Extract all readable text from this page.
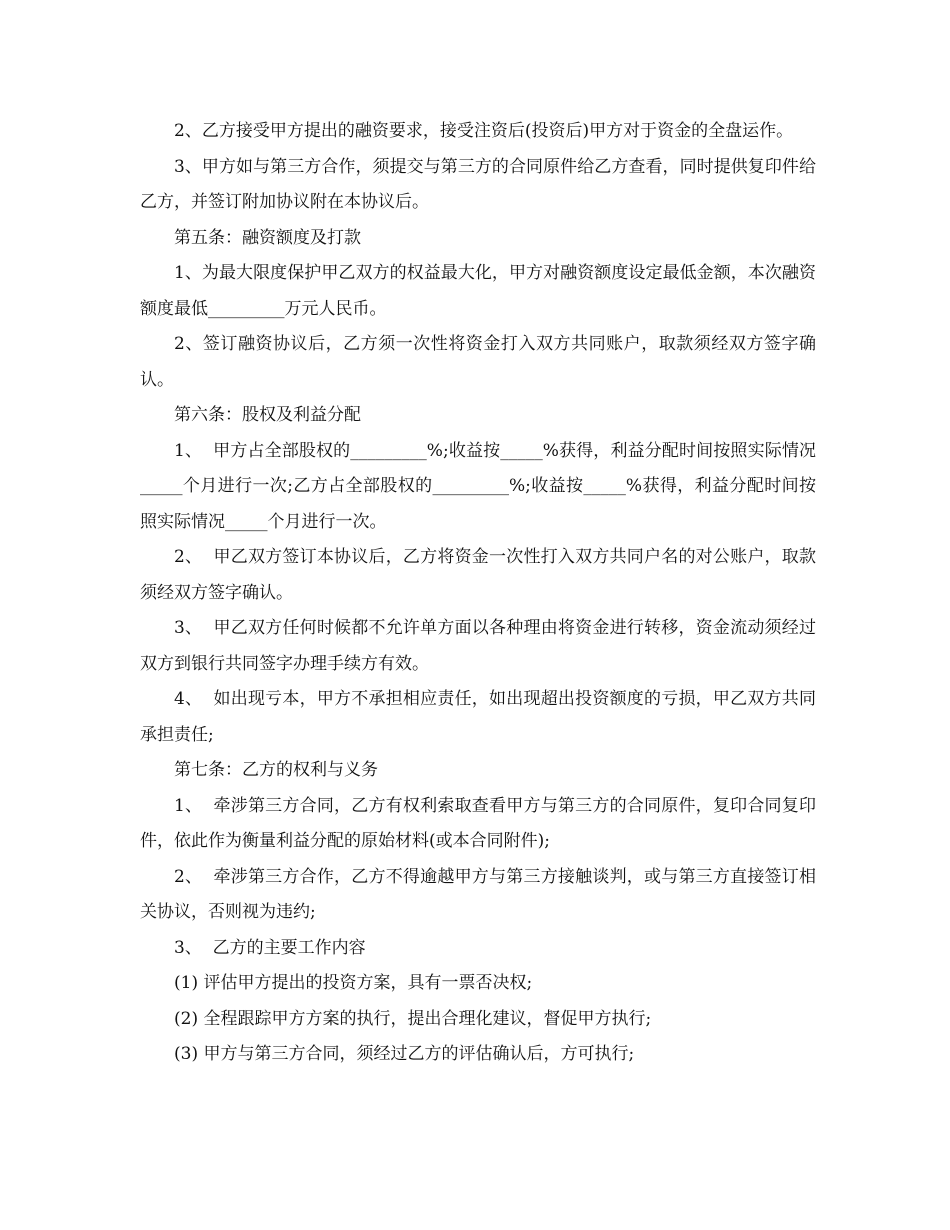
2、乙方接受甲方提出的融资要求，接受注资后(投资后)甲方对于资金的全盘运作。

3、甲方如与第三方合作，须提交与第三方的合同原件给乙方查看，同时提供复印件给乙方，并签订附加协议附在本协议后。

第五条：融资额度及打款

1、为最大限度保护甲乙双方的权益最大化，甲方对融资额度设定最低金额，本次融资额度最低_________万元人民币。

2、签订融资协议后，乙方须一次性将资金打入双方共同账户，取款须经双方签字确认。

第六条：股权及利益分配

1、  甲方占全部股权的_________%;收益按_____%获得，利益分配时间按照实际情况_____个月进行一次;乙方占全部股权的_________%;收益按_____%获得，利益分配时间按照实际情况_____个月进行一次。

2、  甲乙双方签订本协议后，乙方将资金一次性打入双方共同户名的对公账户，取款须经双方签字确认。

3、  甲乙双方任何时候都不允许单方面以各种理由将资金进行转移，资金流动须经过双方到银行共同签字办理手续方有效。

4、  如出现亏本，甲方不承担相应责任，如出现超出投资额度的亏损，甲乙双方共同承担责任;

第七条：乙方的权利与义务

1、  牵涉第三方合同，乙方有权利索取查看甲方与第三方的合同原件，复印合同复印件，依此作为衡量利益分配的原始材料(或本合同附件);

2、  牵涉第三方合作，乙方不得逾越甲方与第三方接触谈判，或与第三方直接签订相关协议，否则视为违约;

3、  乙方的主要工作内容

(1) 评估甲方提出的投资方案，具有一票否决权;

(2) 全程跟踪甲方方案的执行，提出合理化建议，督促甲方执行;

(3) 甲方与第三方合同，须经过乙方的评估确认后，方可执行;
